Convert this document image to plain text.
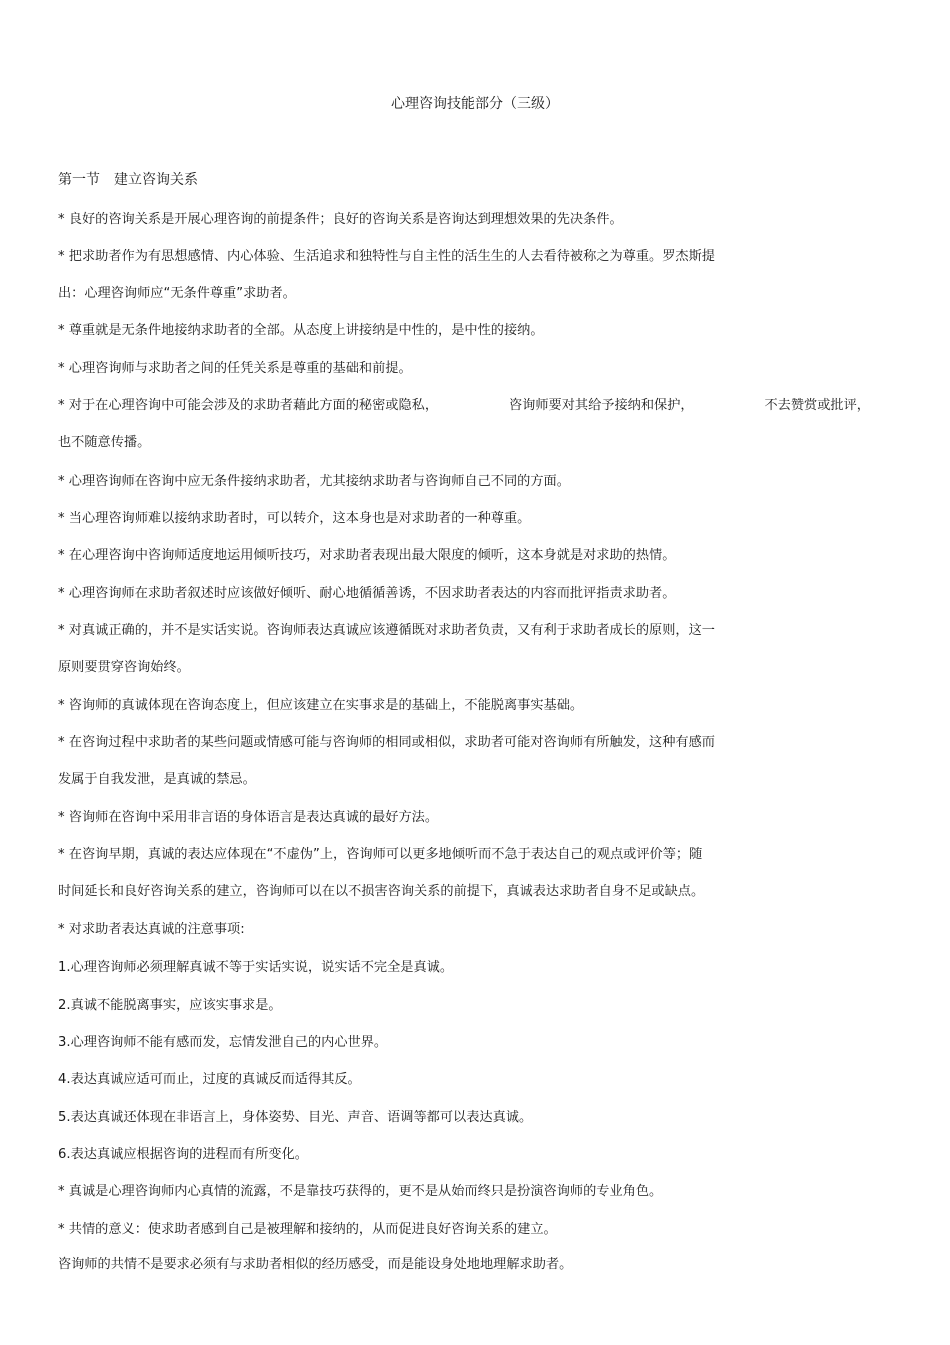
心理咨询技能部分（三级）
第一节 建立咨询关系
* 良好的咨询关系是开展心理咨询的前提条件；良好的咨询关系是咨询达到理想效果的先决条件。
* 把求助者作为有思想感情、内心体验、生活追求和独特性与自主性的活生生的人去看待被称之为尊重。罗杰斯提
出：心理咨询师应“无条件尊重”求助者。
* 尊重就是无条件地接纳求助者的全部。从态度上讲接纳是中性的，是中性的接纳。
* 心理咨询师与求助者之间的任凭关系是尊重的基础和前提。
* 对于在心理咨询中可能会涉及的求助者藉此方面的秘密或隐私，	咨询师要对其给予接纳和保护，	不去赞赏或批评，
也不随意传播。
* 心理咨询师在咨询中应无条件接纳求助者，尤其接纳求助者与咨询师自己不同的方面。
* 当心理咨询师难以接纳求助者时，可以转介，这本身也是对求助者的一种尊重。
* 在心理咨询中咨询师适度地运用倾听技巧，对求助者表现出最大限度的倾听，这本身就是对求助的热情。
* 心理咨询师在求助者叙述时应该做好倾听、耐心地循循善诱，不因求助者表达的内容而批评指责求助者。
* 对真诚正确的，并不是实话实说。咨询师表达真诚应该遵循既对求助者负责，又有利于求助者成长的原则，这一
原则要贯穿咨询始终。
* 咨询师的真诚体现在咨询态度上，但应该建立在实事求是的基础上，不能脱离事实基础。
* 在咨询过程中求助者的某些问题或情感可能与咨询师的相同或相似，求助者可能对咨询师有所触发，这种有感而
发属于自我发泄，是真诚的禁忌。
* 咨询师在咨询中采用非言语的身体语言是表达真诚的最好方法。
* 在咨询早期，真诚的表达应体现在“不虚伪”上，咨询师可以更多地倾听而不急于表达自己的观点或评价等；随
时间延长和良好咨询关系的建立，咨询师可以在以不损害咨询关系的前提下，真诚表达求助者自身不足或缺点。
* 对求助者表达真诚的注意事项:
1.心理咨询师必须理解真诚不等于实话实说，说实话不完全是真诚。
2.真诚不能脱离事实，应该实事求是。
3.心理咨询师不能有感而发，忘情发泄自己的内心世界。
4.表达真诚应适可而止，过度的真诚反而适得其反。
5.表达真诚还体现在非语言上，身体姿势、目光、声音、语调等都可以表达真诚。
6.表达真诚应根据咨询的进程而有所变化。
* 真诚是心理咨询师内心真情的流露，不是靠技巧获得的，更不是从始而终只是扮演咨询师的专业角色。
* 共情的意义：使求助者感到自己是被理解和接纳的，从而促进良好咨询关系的建立。
咨询师的共情不是要求必须有与求助者相似的经历感受，而是能设身处地地理解求助者。
